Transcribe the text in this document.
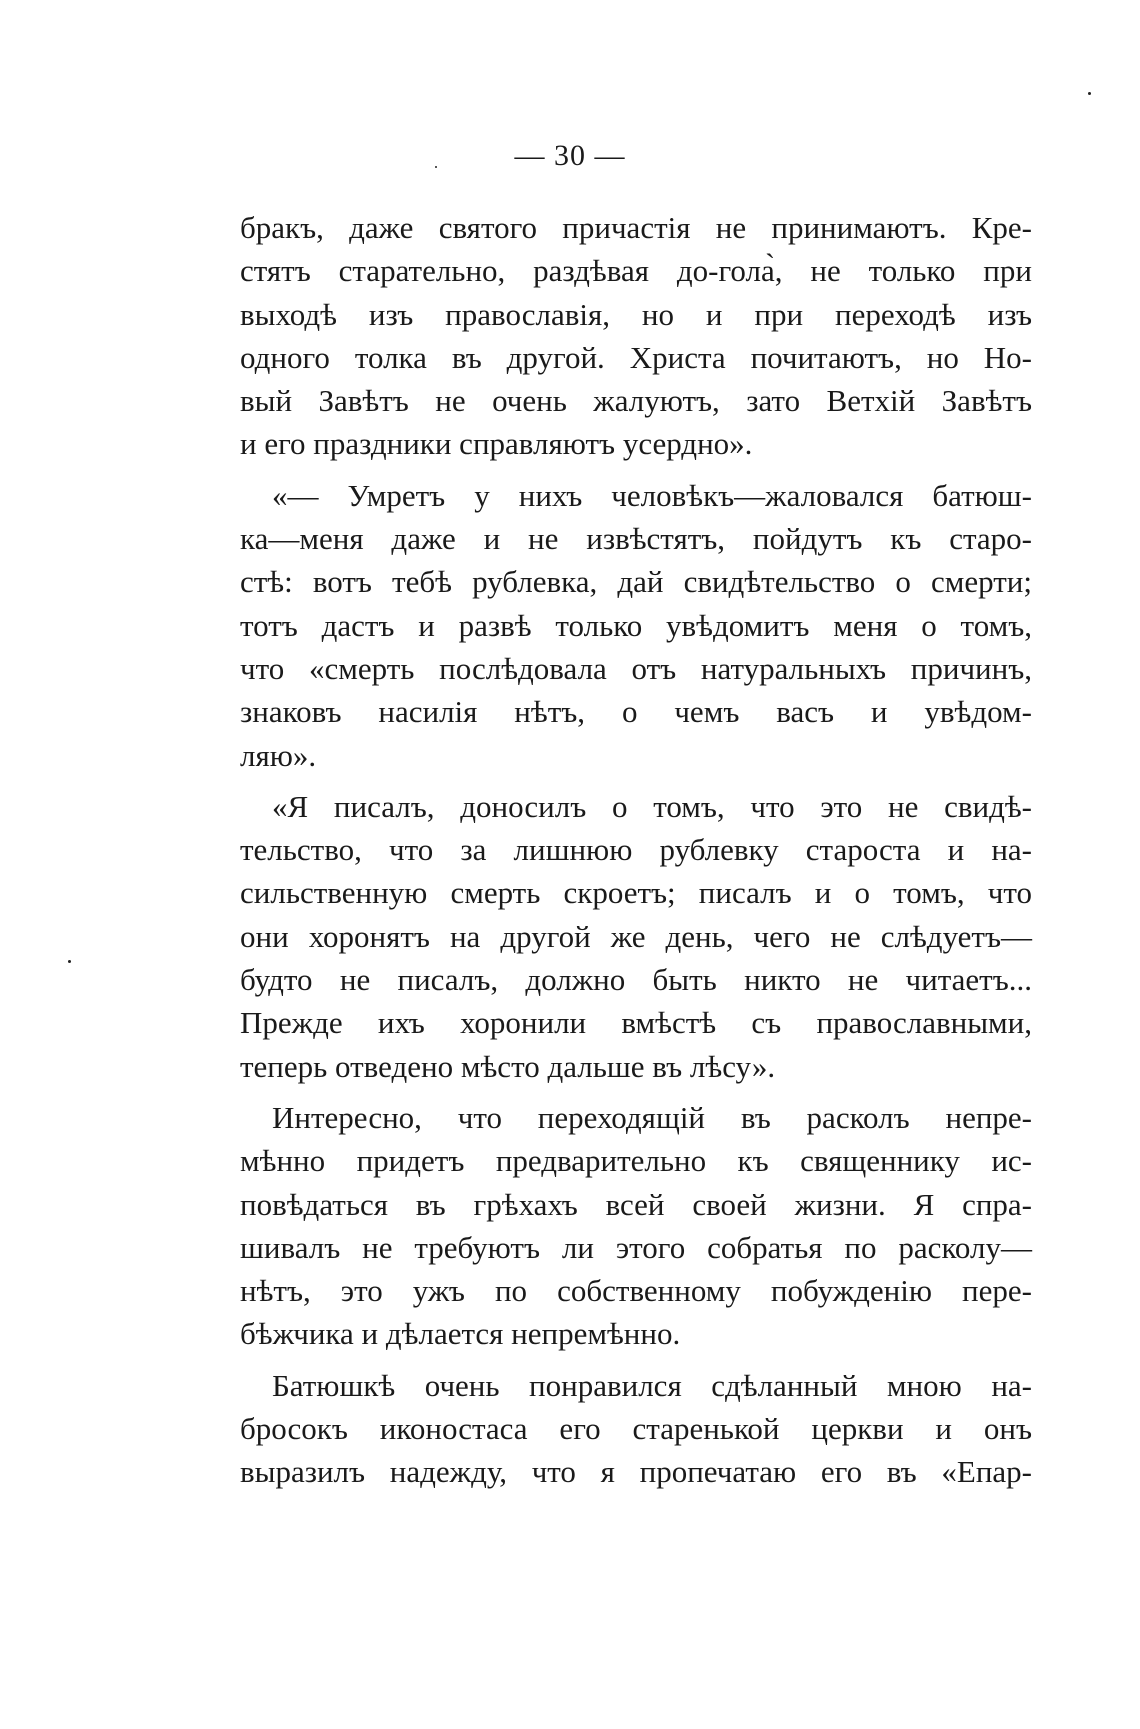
— 30 —
бракъ, даже святого причастія не принимаютъ. Кре-
стятъ старательно, раздѣвая до-гола̀, не только при
выходѣ изъ православія, но и при переходѣ изъ
одного толка въ другой. Христа почитаютъ, но Но-
вый Завѣтъ не очень жалуютъ, зато Ветхій Завѣтъ
и его праздники справляютъ усердно».
«— Умретъ у нихъ человѣкъ—жаловался батюш-
ка—меня даже и не извѣстятъ, пойдутъ къ старо-
стѣ: вотъ тебѣ рублевка, дай свидѣтельство о смерти;
тотъ дастъ и развѣ только увѣдомитъ меня о томъ,
что «смерть послѣдовала отъ натуральныхъ причинъ,
знаковъ насилія нѣтъ, о чемъ васъ и увѣдом-
ляю».
«Я писалъ, доносилъ о томъ, что это не свидѣ-
тельство, что за лишнюю рублевку староста и на-
сильственную смерть скроетъ; писалъ и о томъ, что
они хоронятъ на другой же день, чего не слѣдуетъ—
будто не писалъ, должно быть никто не читаетъ...
Прежде ихъ хоронили вмѣстѣ съ православными,
теперь отведено мѣсто дальше въ лѣсу».
Интересно, что переходящій въ расколъ непре-
мѣнно придетъ предварительно къ священнику ис-
повѣдаться въ грѣхахъ всей своей жизни. Я спра-
шивалъ не требуютъ ли этого собратья по расколу—
нѣтъ, это ужъ по собственному побужденію пере-
бѣжчика и дѣлается непремѣнно.
Батюшкѣ очень понравился сдѣланный мною на-
бросокъ иконостаса его старенькой церкви и онъ
выразилъ надежду, что я пропечатаю его въ «Епар-
